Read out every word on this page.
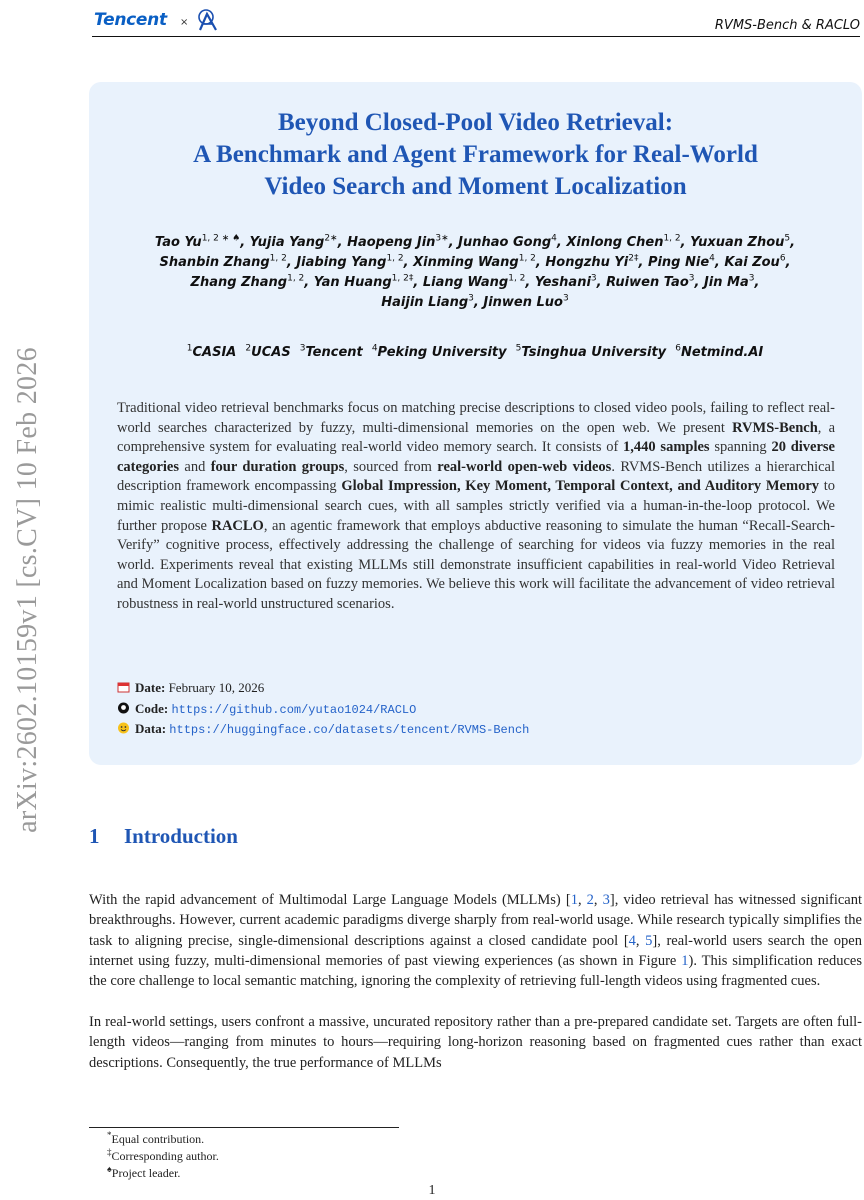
Tencent ×	RVMS-Bench & RACLO
arXiv:2602.10159v1 [cs.CV] 10 Feb 2026
Beyond Closed-Pool Video Retrieval:
A Benchmark and Agent Framework for Real-World
Video Search and Moment Localization
Tao $Yu^{1, 2 ∗ ♠}$, Yujia Yang$^{2∗}$, Haopeng Jin$^{3∗}$, Junhao Gong$^4$, Xinlong Chen$^{1, 2}$, Yuxuan Zhou$^5$,
Shanbin Zhang$^{1, 2}$, Jiabing Yang$^{1, 2}$, Xinming Wang$^{1, 2}$, Hongzhu $Yi^{2\ddagger}$, Ping Nie$^4$, Kai Zou$^6$,
Zhang Zhang$^{1, 2}$, Yan Huang$^{1, 2\ddagger}$, Liang Wang$^{1, 2}$, Yeshani$^3$, Ruiwen Tao$^3$, Jin Ma$^3$,
Haijin Liang$^3$, Jinwen Luo$^3$
$^1$CASIA $^2$UCAS $^3$Tencent $^4$Peking University $^5$Tsinghua University $^6$Netmind.AI
Traditional video retrieval benchmarks focus on matching precise descriptions to closed video pools, failing to reflect real-world searches characterized by fuzzy, multi-dimensional memories on the open web. We present RVMS-Bench, a comprehensive system for evaluating real-world video memory search. It consists of 1,440 samples spanning 20 diverse categories and four duration groups, sourced from real-world open-web videos. RVMS-Bench utilizes a hierarchical description framework encompassing Global Impression, Key Moment, Temporal Context, and Auditory Memory to mimic realistic multi-dimensional search cues, with all samples strictly verified via a human-in-the-loop protocol. We further propose RACLO, an agentic framework that employs abductive reasoning to simulate the human “Recall-Search-Verify” cognitive process, effectively addressing the challenge of searching for videos via fuzzy memories in the real world. Experiments reveal that existing MLLMs still demonstrate insufficient capabilities in real-world Video Retrieval and Moment Localization based on fuzzy memories. We believe this work will facilitate the advancement of video retrieval robustness in real-world unstructured scenarios.
Date: February 10, 2026
Code: https://github.com/yutao1024/RACLO
Data: https://huggingface.co/datasets/tencent/RVMS-Bench
1 Introduction
With the rapid advancement of Multimodal Large Language Models (MLLMs) [1, 2, 3], video retrieval has witnessed significant breakthroughs. However, current academic paradigms diverge sharply from real-world usage. While research typically simplifies the task to aligning precise, single-dimensional descriptions against a closed candidate pool [4, 5], real-world users search the open internet using fuzzy, multi-dimensional memories of past viewing experiences (as shown in Figure 1). This simplification reduces the core challenge to local semantic matching, ignoring the complexity of retrieving full-length videos using fragmented cues.
In real-world settings, users confront a massive, uncurated repository rather than a pre-prepared candidate set. Targets are often full-length videos—ranging from minutes to hours—requiring long-horizon reasoning based on fragmented cues rather than exact descriptions. Consequently, the true performance of MLLMs
*Equal contribution.
‡Corresponding author.
♠Project leader.
1
